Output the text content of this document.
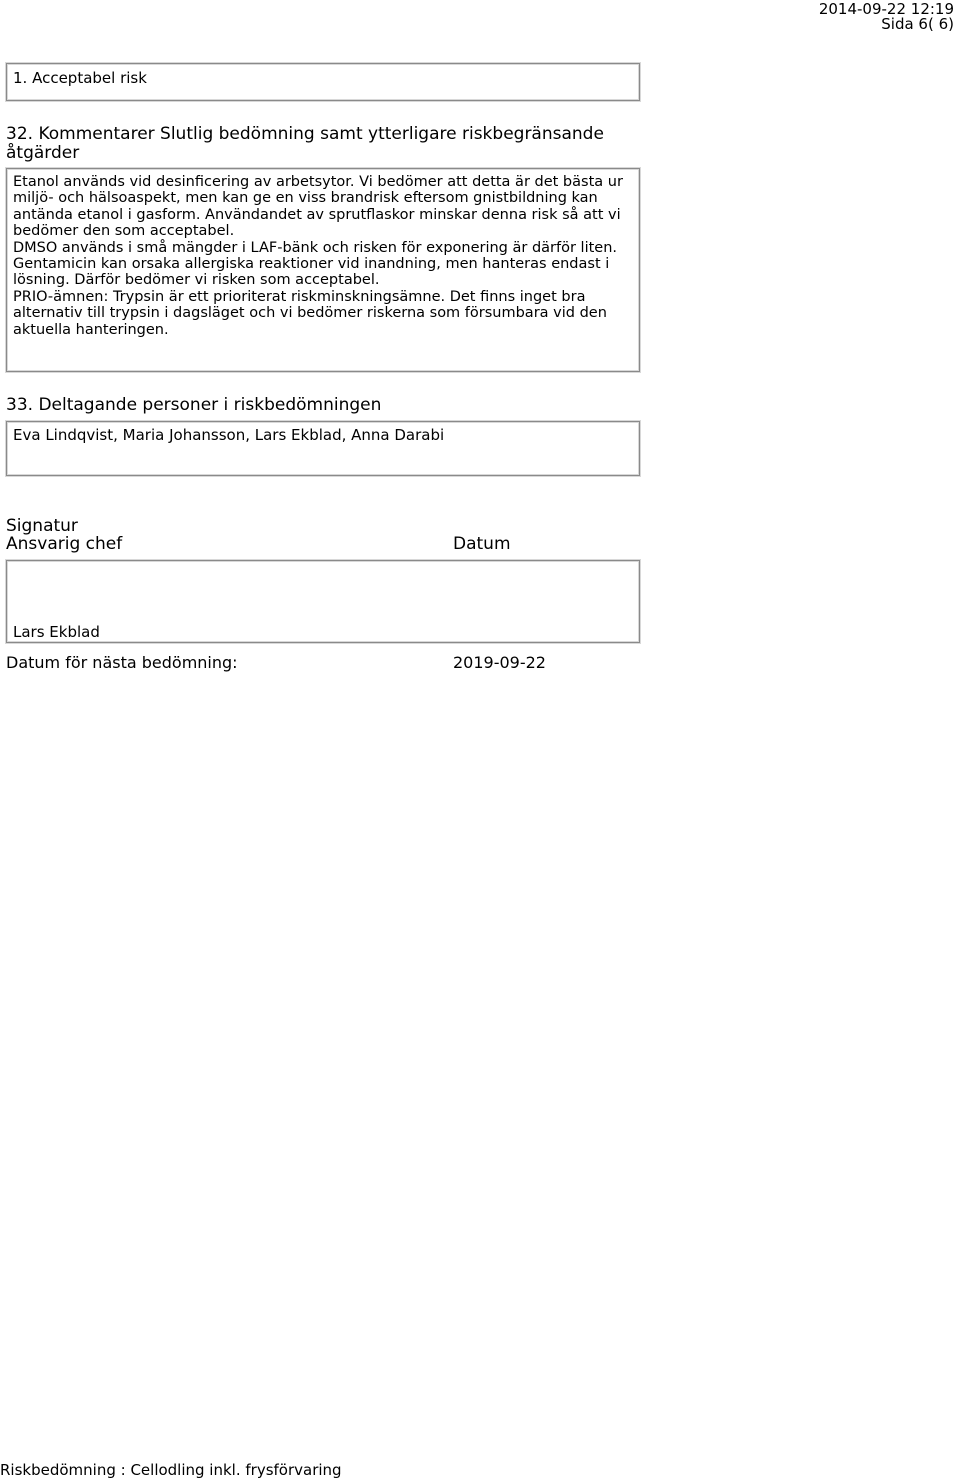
2014-09-22 12:19
Sida 6( 6)
1. Acceptabel risk
32. Kommentarer Slutlig bedömning samt ytterligare riskbegränsande åtgärder
Etanol används vid desinficering av arbetsytor. Vi bedömer att detta är det bästa ur miljö- och hälsoaspekt, men kan ge en viss brandrisk eftersom gnistbildning kan antända etanol i gasform. Användandet av sprutflaskor minskar denna risk så att vi bedömer den som acceptabel.
DMSO används i små mängder i LAF-bänk och risken för exponering är därför liten.
Gentamicin kan orsaka allergiska reaktioner vid inandning, men hanteras endast i lösning. Därför bedömer vi risken som acceptabel.
PRIO-ämnen: Trypsin är ett prioriterat riskminskningsämne. Det finns inget bra alternativ till trypsin i dagsläget och vi bedömer riskerna som försumbara vid den aktuella hanteringen.
33. Deltagande personer i riskbedömningen
Eva Lindqvist, Maria Johansson, Lars Ekblad, Anna Darabi
Signatur
Ansvarig chef	Datum
Lars Ekblad
Datum för nästa bedömning:	2019-09-22
Riskbedömning : Cellodling inkl. frysförvaring
